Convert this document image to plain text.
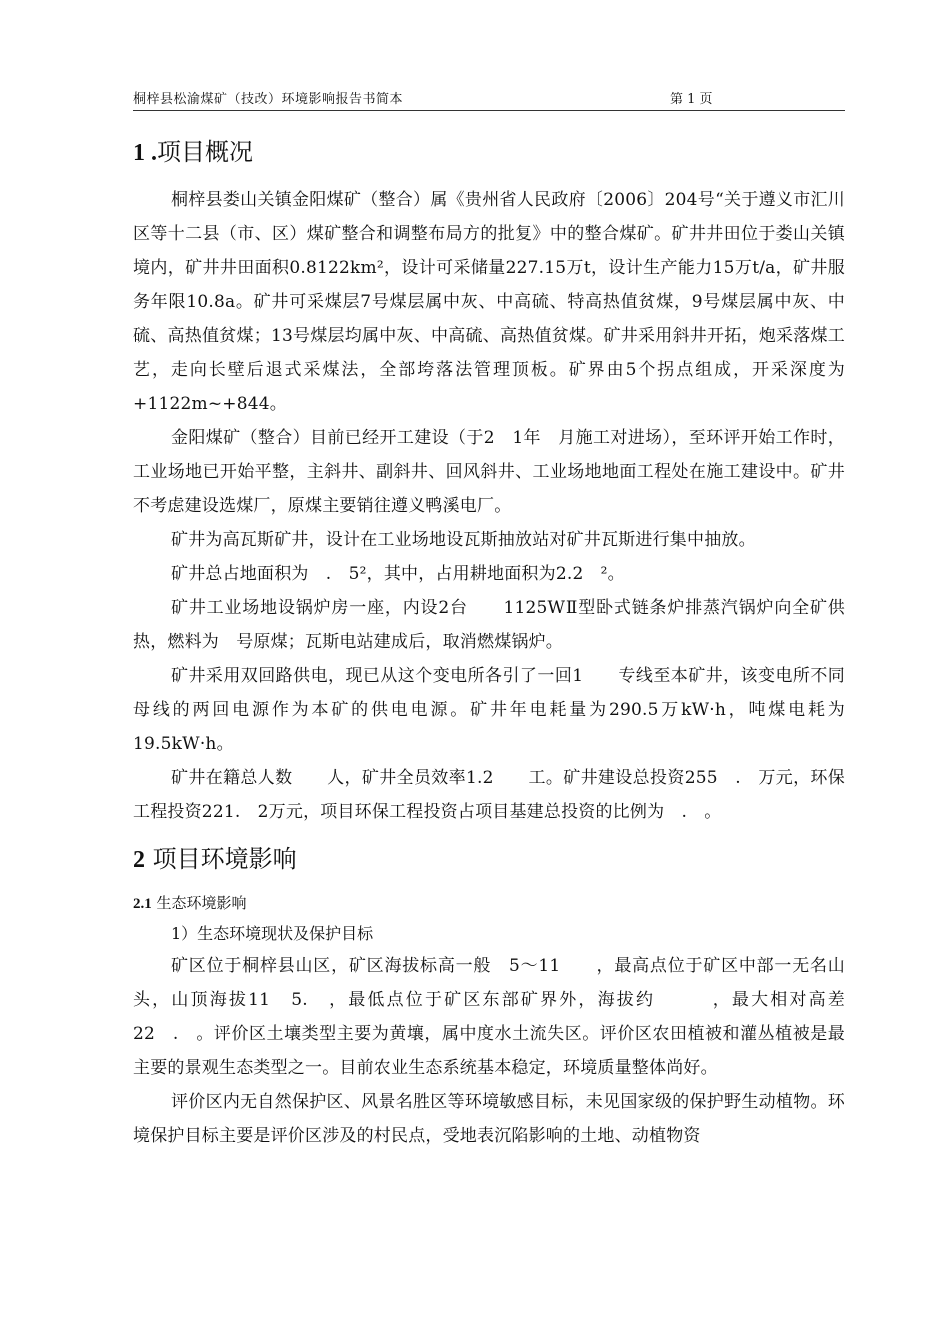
桐梓县松渝煤矿（技改）环境影响报告书简本	第 1 页
1 .项目概况

桐梓县娄山关镇金阳煤矿（整合）属《贵州省人民政府〔2006〕204号“关于遵义市汇川区等十二县（市、区）煤矿整合和调整布局方的批复》中的整合煤矿。矿井井田位于娄山关镇境内，矿井井田面积0.8122km²，设计可采储量227.15万t，设计生产能力15万t/a，矿井服务年限10.8a。矿井可采煤层7号煤层属中灰、中高硫、特高热值贫煤，9号煤层属中灰、中硫、高热值贫煤；13号煤层均属中灰、中高硫、高热值贫煤。矿井采用斜井开拓，炮采落煤工艺，走向长壁后退式采煤法，全部垮落法管理顶板。矿界由5个拐点组成，开采深度为+1122m~+844。

金阳煤矿（整合）目前已经开工建设（于2　1年　月施工对进场），至环评开始工作时，工业场地已开始平整，主斜井、副斜井、回风斜井、工业场地地面工程处在施工建设中。矿井不考虑建设选煤厂，原煤主要销往遵义鸭溪电厂。

矿井为高瓦斯矿井，设计在工业场地设瓦斯抽放站对矿井瓦斯进行集中抽放。

矿井总占地面积为　.　5²，其中，占用耕地面积为2.2　²。

矿井工业场地设锅炉房一座，内设2台　　1125WⅡ型卧式链条炉排蒸汽锅炉向全矿供热，燃料为　号原煤；瓦斯电站建成后，取消燃煤锅炉。

矿井采用双回路供电，现已从这个变电所各引了一回1　　专线至本矿井，该变电所不同母线的两回电源作为本矿的供电电源。矿井年电耗量为290.5万kW·h，吨煤电耗为19.5kW·h。

矿井在籍总人数　　人，矿井全员效率1.2　　工。矿井建设总投资255　.　万元，环保工程投资221.　2万元，项目环保工程投资占项目基建总投资的比例为　.　。

2 项目环境影响
2.1 生态环境影响
1）生态环境现状及保护目标

矿区位于桐梓县山区，矿区海拔标高一般　5～11　　，最高点位于矿区中部一无名山头，山顶海拔11　5.　，最低点位于矿区东部矿界外，海拔约　　　，最大相对高差22　.　。评价区土壤类型主要为黄壤，属中度水土流失区。评价区农田植被和灌丛植被是最主要的景观生态类型之一。目前农业生态系统基本稳定，环境质量整体尚好。

评价区内无自然保护区、风景名胜区等环境敏感目标，未见国家级的保护野生动植物。环境保护目标主要是评价区涉及的村民点，受地表沉陷影响的土地、动植物资
